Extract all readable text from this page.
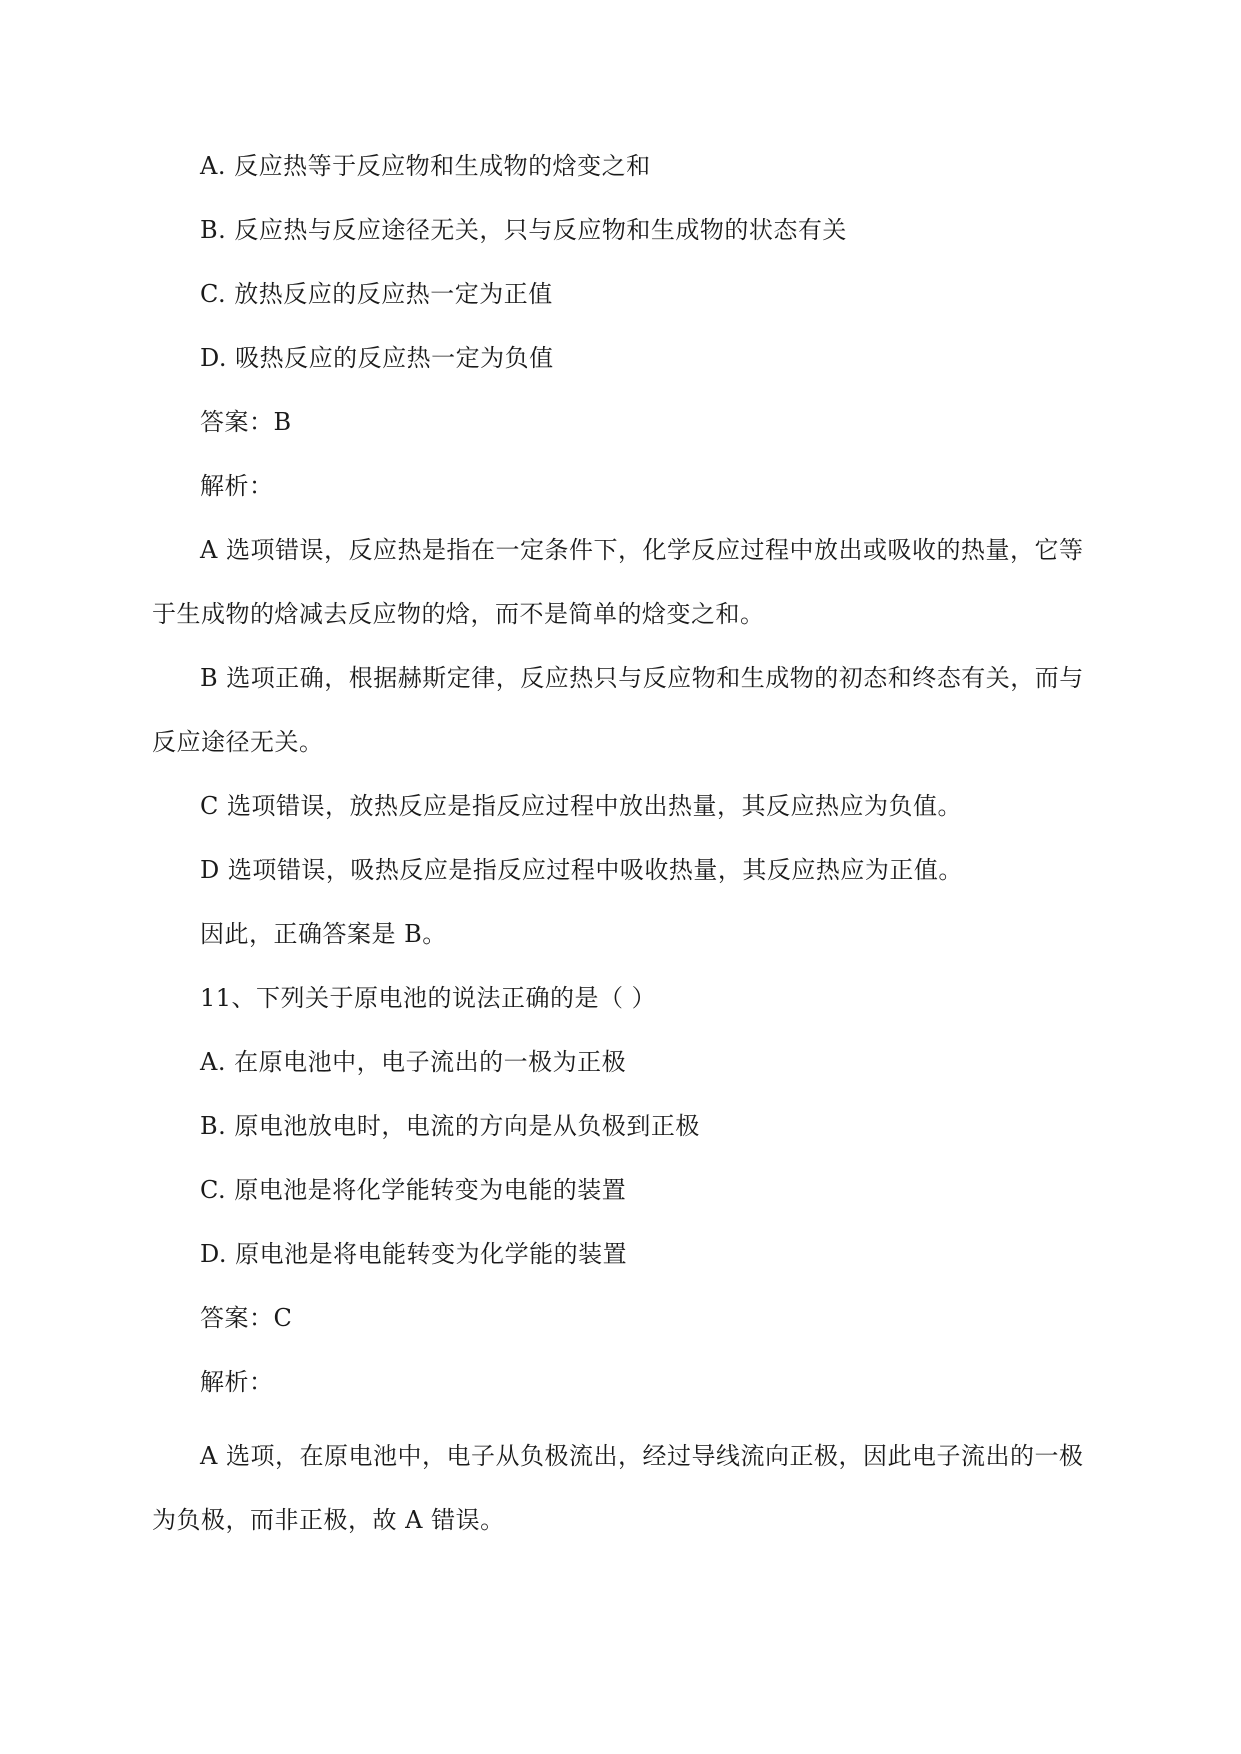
A. 反应热等于反应物和生成物的焓变之和
B. 反应热与反应途径无关，只与反应物和生成物的状态有关
C. 放热反应的反应热一定为正值
D. 吸热反应的反应热一定为负值
答案：B
解析：
A 选项错误，反应热是指在一定条件下，化学反应过程中放出或吸收的热量，它等
于生成物的焓减去反应物的焓，而不是简单的焓变之和。
B 选项正确，根据赫斯定律，反应热只与反应物和生成物的初态和终态有关，而与
反应途径无关。
C 选项错误，放热反应是指反应过程中放出热量，其反应热应为负值。
D 选项错误，吸热反应是指反应过程中吸收热量，其反应热应为正值。
因此，正确答案是 B。
11、下列关于原电池的说法正确的是（ ）
A. 在原电池中，电子流出的一极为正极
B. 原电池放电时，电流的方向是从负极到正极
C. 原电池是将化学能转变为电能的装置
D. 原电池是将电能转变为化学能的装置
答案：C
解析：
A 选项，在原电池中，电子从负极流出，经过导线流向正极，因此电子流出的一极
为负极，而非正极，故 A 错误。
